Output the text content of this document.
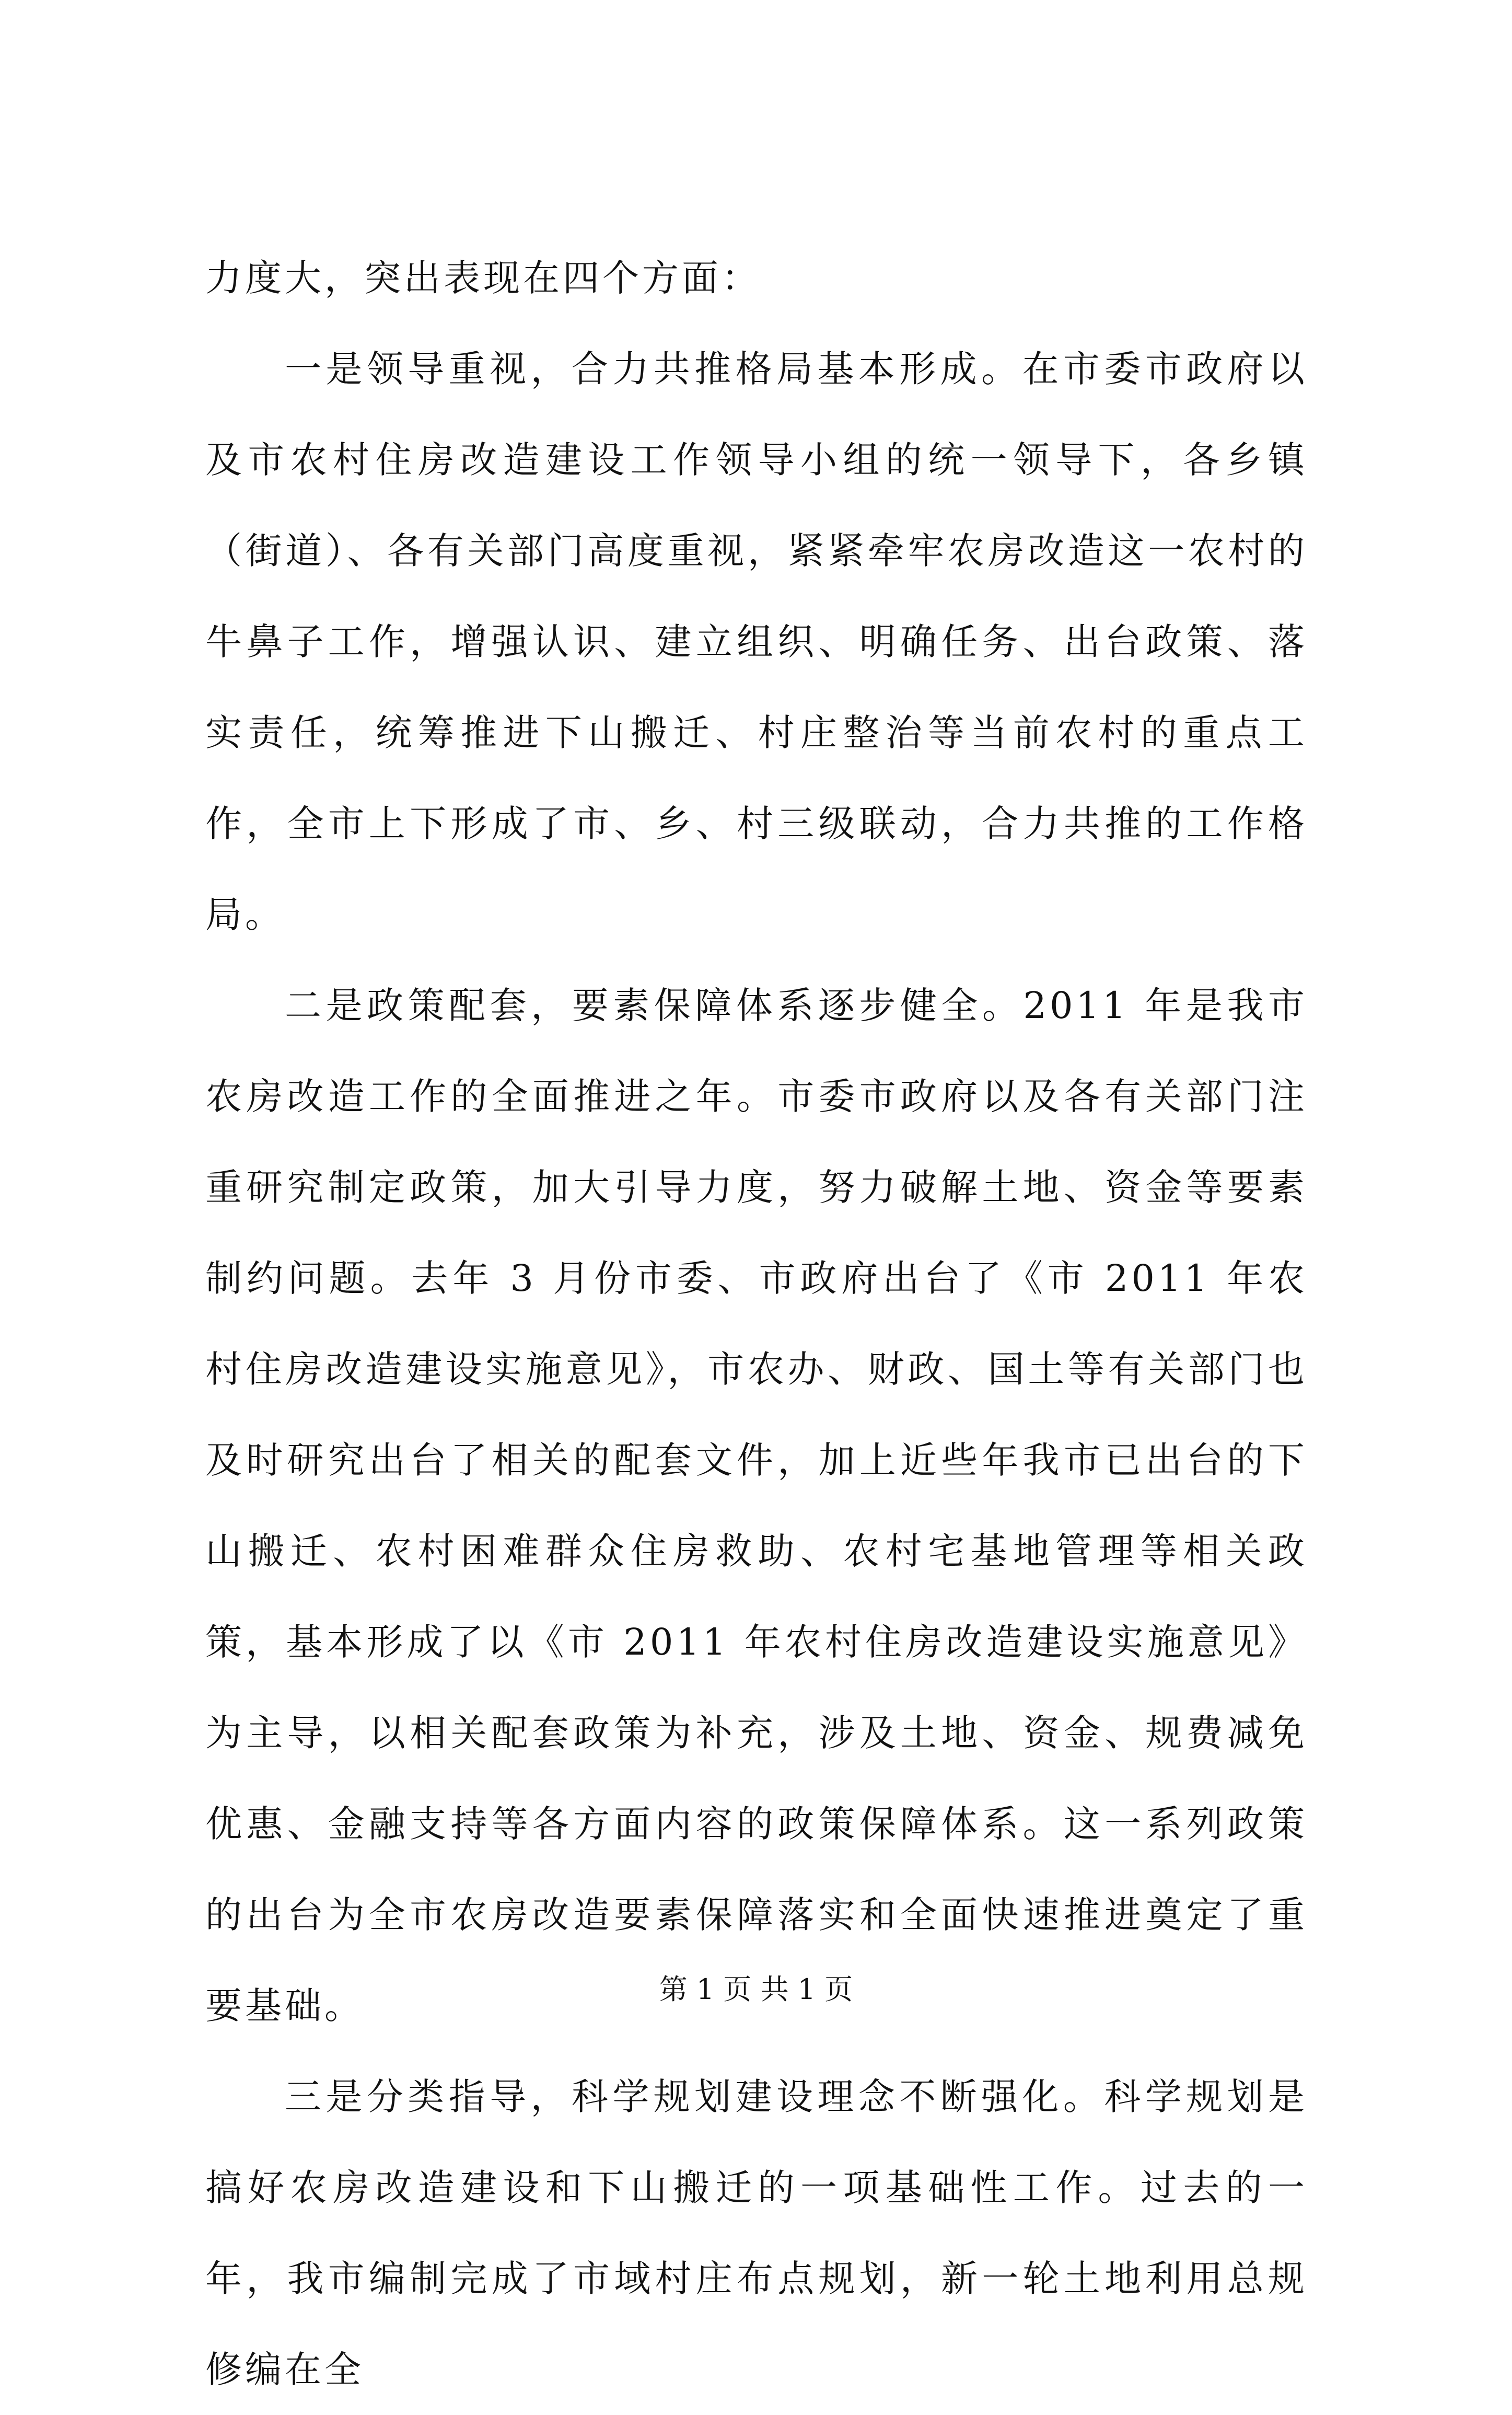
力度大，突出表现在四个方面：

一是领导重视，合力共推格局基本形成。在市委市政府以及市农村住房改造建设工作领导小组的统一领导下，各乡镇（街道）、各有关部门高度重视，紧紧牵牢农房改造这一农村的牛鼻子工作，增强认识、建立组织、明确任务、出台政策、落实责任，统筹推进下山搬迁、村庄整治等当前农村的重点工作，全市上下形成了市、乡、村三级联动，合力共推的工作格局。

二是政策配套，要素保障体系逐步健全。2011 年是我市农房改造工作的全面推进之年。市委市政府以及各有关部门注重研究制定政策，加大引导力度，努力破解土地、资金等要素制约问题。去年 3 月份市委、市政府出台了《市 2011 年农村住房改造建设实施意见》，市农办、财政、国土等有关部门也及时研究出台了相关的配套文件，加上近些年我市已出台的下山搬迁、农村困难群众住房救助、农村宅基地管理等相关政策，基本形成了以《市 2011 年农村住房改造建设实施意见》为主导，以相关配套政策为补充，涉及土地、资金、规费减免优惠、金融支持等各方面内容的政策保障体系。这一系列政策的出台为全市农房改造要素保障落实和全面快速推进奠定了重要基础。

三是分类指导，科学规划建设理念不断强化。科学规划是搞好农房改造建设和下山搬迁的一项基础性工作。过去的一年，我市编制完成了市域村庄布点规划，新一轮土地利用总规修编在全

第 1 页 共 1 页
